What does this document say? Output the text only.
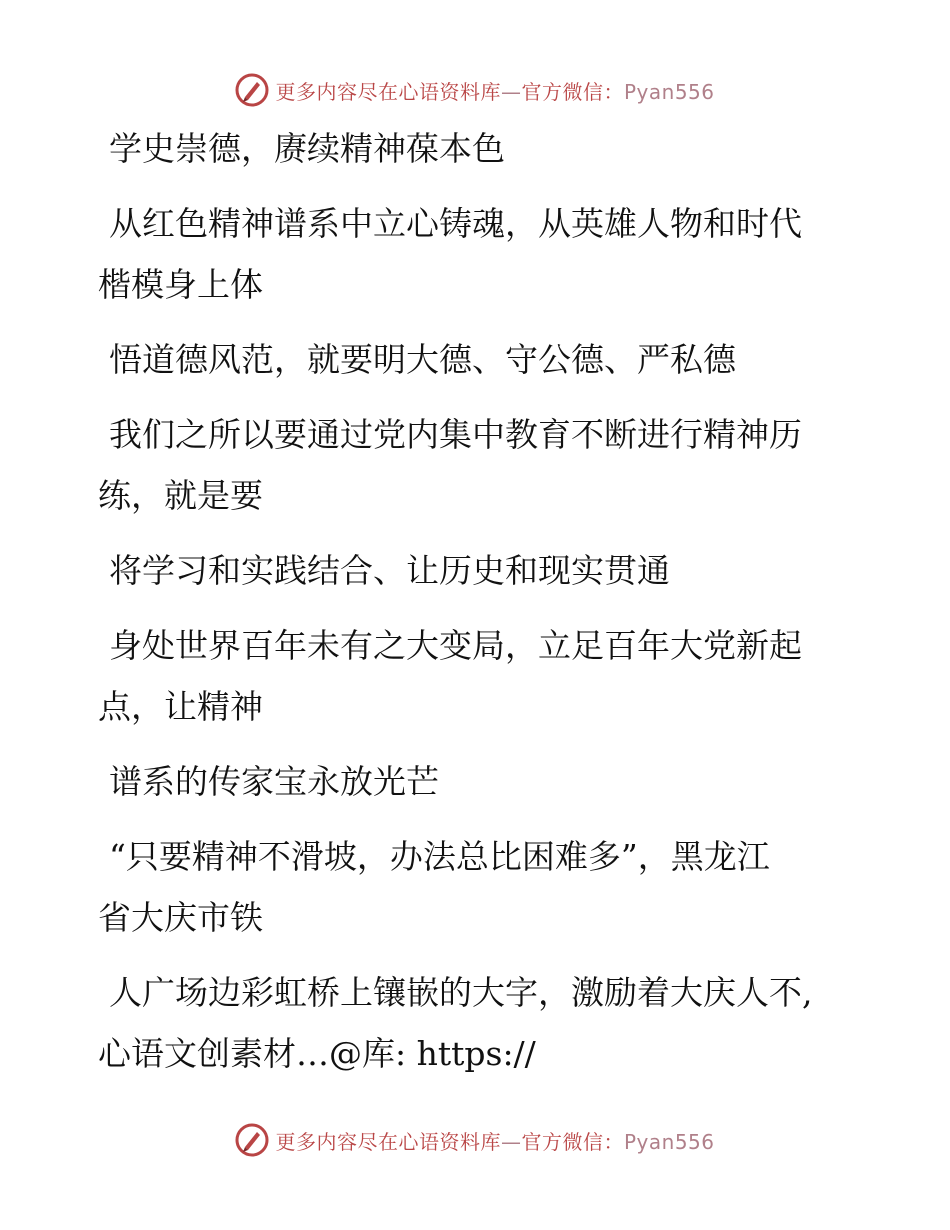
更多内容尽在心语资料库—官方微信：Pyan556

学史崇德，赓续精神葆本色

从红色精神谱系中立心铸魂，从英雄人物和时代
楷模身上体

悟道德风范，就要明大德、守公德、严私德

我们之所以要通过党内集中教育不断进行精神历
练，就是要

将学习和实践结合、让历史和现实贯通

身处世界百年未有之大变局，立足百年大党新起
点，让精神

谱系的传家宝永放光芒

“只要精神不滑坡，办法总比困难多”，黑龙江
省大庆市铁

人广场边彩虹桥上镶嵌的大字，激励着大庆人不,
心语文创素材…@库: https://

更多内容尽在心语资料库—官方微信：Pyan556
